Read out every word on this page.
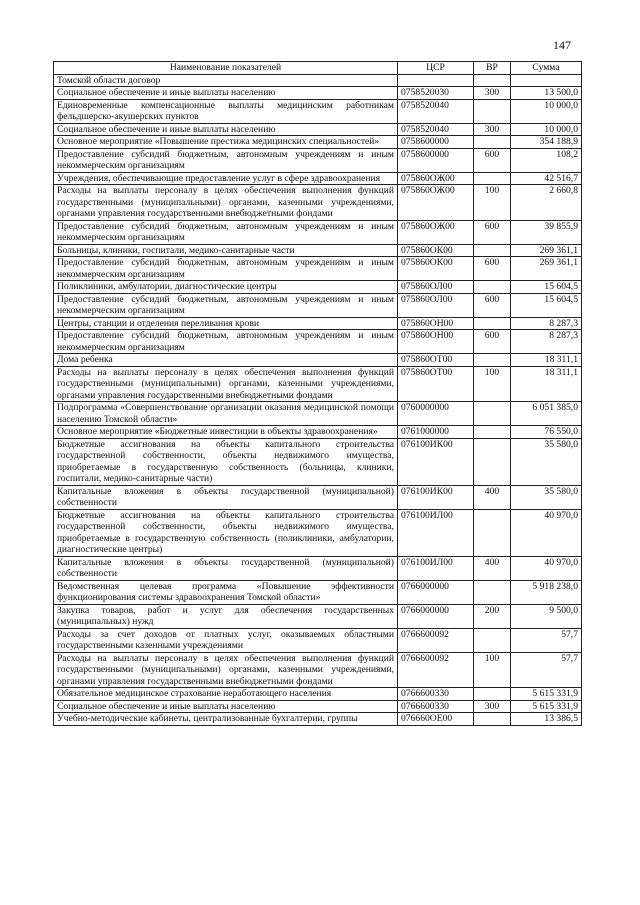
147
Наименование показателей	ЦСР	ВР	Сумма
Томской области договор			
Социальное обеспечение и иные выплаты населению	0758520030	300	13 500,0
Единовременные компенсационные выплаты медицинским работникам фельдшерско-акушерских пунктов	0758520040		10 000,0
Социальное обеспечение и иные выплаты населению	0758520040	300	10 000,0
Основное мероприятие «Повышение престижа медицинских специальностей»	0758600000		354 188,9
Предоставление субсидий бюджетным, автономным учреждениям и иным некоммерческим организациям	0758600000	600	108,2
Учреждения, обеспечивающие предоставление услуг в сфере здравоохранения	075860ОЖ00		42 516,7
Расходы на выплаты персоналу в целях обеспечения выполнения функций государственными (муниципальными) органами, казенными учреждениями, органами управления государственными внебюджетными фондами	075860ОЖ00	100	2 660,8
Предоставление субсидий бюджетным, автономным учреждениям и иным некоммерческим организациям	075860ОЖ00	600	39 855,9
Больницы, клиники, госпитали, медико-санитарные части	075860ОК00		269 361,1
Предоставление субсидий бюджетным, автономным учреждениям и иным некоммерческим организациям	075860ОК00	600	269 361,1
Поликлиники, амбулатории, диагностические центры	075860ОЛ00		15 604,5
Предоставление субсидий бюджетным, автономным учреждениям и иным некоммерческим организациям	075860ОЛ00	600	15 604,5
Центры, станции и отделения переливания крови	075860ОН00		8 287,3
Предоставление субсидий бюджетным, автономным учреждениям и иным некоммерческим организациям	075860ОН00	600	8 287,3
Дома ребенка	075860ОТ00		18 311,1
Расходы на выплаты персоналу в целях обеспечения выполнения функций государственными (муниципальными) органами, казенными учреждениями, органами управления государственными внебюджетными фондами	075860ОТ00	100	18 311,1
Подпрограмма «Совершенствование организации оказания медицинской помощи населению Томской области»	0760000000		6 051 385,0
Основное мероприятие «Бюджетные инвестиции в объекты здравоохранения»	0761000000		76 550,0
Бюджетные ассигнования на объекты капитального строительства государственной собственности, объекты недвижимого имущества, приобретаемые в государственную собственность (больницы, клиники, госпитали, медико-санитарные части)	076100ИК00		35 580,0
Капитальные вложения в объекты государственной (муниципальной) собственности	076100ИК00	400	35 580,0
Бюджетные ассигнования на объекты капитального строительства государственной собственности, объекты недвижимого имущества, приобретаемые в государственную собственность (поликлиники, амбулатории, диагностические центры)	076100ИЛ00		40 970,0
Капитальные вложения в объекты государственной (муниципальной) собственности	076100ИЛ00	400	40 970,0
Ведомственная целевая программа «Повышение эффективности функционирования системы здравоохранения Томской области»	0766000000		5 918 238,0
Закупка товаров, работ и услуг для обеспечения государственных (муниципальных) нужд	0766000000	200	9 500,0
Расходы за счет доходов от платных услуг, оказываемых областными государственными казенными учреждениями	0766600092		57,7
Расходы на выплаты персоналу в целях обеспечения выполнения функций государственными (муниципальными) органами, казенными учреждениями, органами управления государственными внебюджетными фондами	0766600092	100	57,7
Обязательное медицинское страхование неработающего населения	0766600330		5 615 331,9
Социальное обеспечение и иные выплаты населению	0766600330	300	5 615 331,9
Учебно-методические кабинеты, централизованные бухгалтерии, группы	076660ОЕ00		13 386,5
